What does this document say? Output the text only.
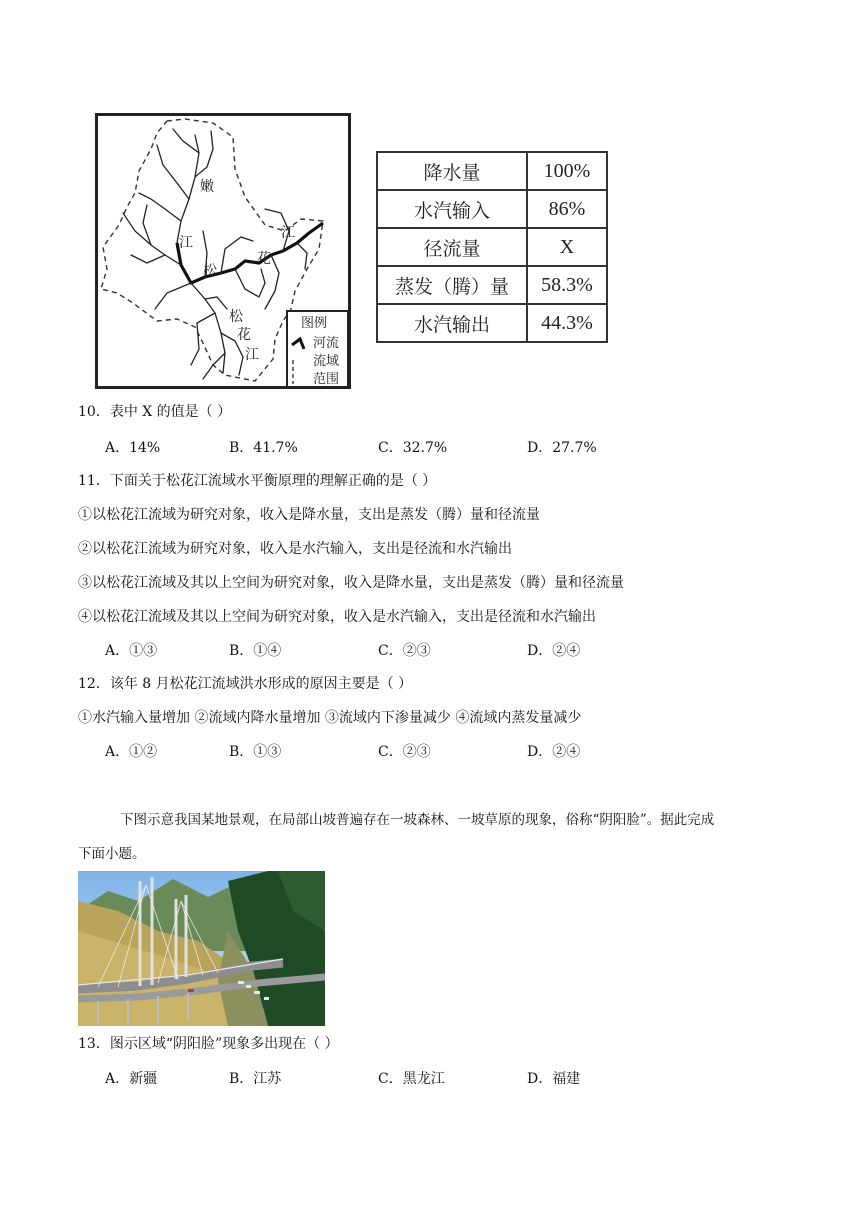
嫩
江
松
花
江
松
花
江
图例
河流
流域
范围
降水量	100%
水汽输入	86%
径流量	X
蒸发（腾）量	58.3%
水汽输出	44.3%
10．表中 X 的值是（ ）
A．14%	B．41.7%	C．32.7%	D．27.7%
11．下面关于松花江流域水平衡原理的理解正确的是（ ）
①以松花江流域为研究对象，收入是降水量，支出是蒸发（腾）量和径流量
②以松花江流域为研究对象，收入是水汽输入，支出是径流和水汽输出
③以松花江流域及其以上空间为研究对象，收入是降水量，支出是蒸发（腾）量和径流量
④以松花江流域及其以上空间为研究对象，收入是水汽输入，支出是径流和水汽输出
A．①③	B．①④	C．②③	D．②④
12．该年 8 月松花江流域洪水形成的原因主要是（ ）
①水汽输入量增加 ②流域内降水量增加 ③流域内下渗量减少 ④流域内蒸发量减少
A．①②	B．①③	C．②③	D．②④
下图示意我国某地景观，在局部山坡普遍存在一坡森林、一坡草原的现象，俗称“阴阳脸”。据此完成
下面小题。
13．图示区域“阴阳脸”现象多出现在（ ）
A．新疆	B．江苏	C．黑龙江	D．福建
